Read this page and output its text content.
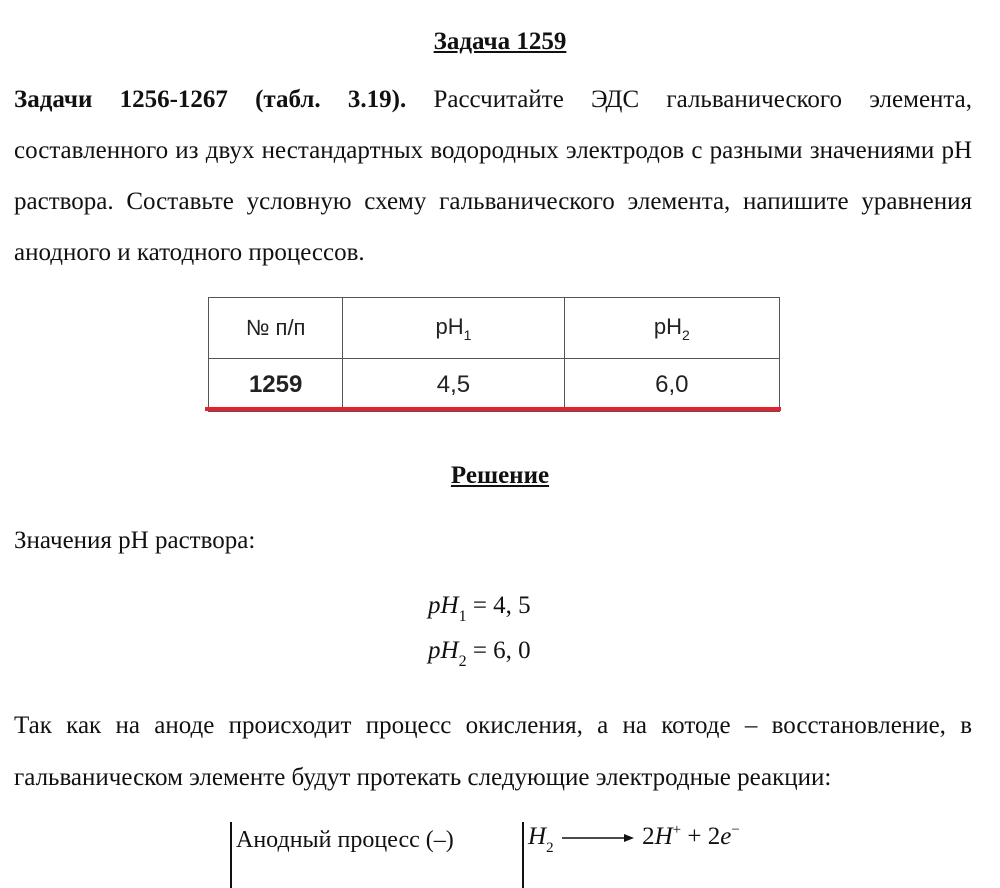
Задача 1259
Задачи 1256-1267 (табл. 3.19). Рассчитайте ЭДС гальванического элемента, составленного из двух нестандартных водородных электродов с разными значениями pH раствора. Составьте условную схему гальванического элемента, напишите уравнения анодного и катодного процессов.
№ п/п	$pH_1$	$pH_2$
1259	4,5	6,0
Решение
Значения pH раствора:
$pH_1 = 4$, 5
$pH_2 = 6$, 0
Так как на аноде происходит процесс окисления, а на котоде – восстановление, в гальваническом элементе будут протекать следующие электродные реакции:
Анодный процесс (–)	$H_2 \to 2H^+ + 2e^-$
